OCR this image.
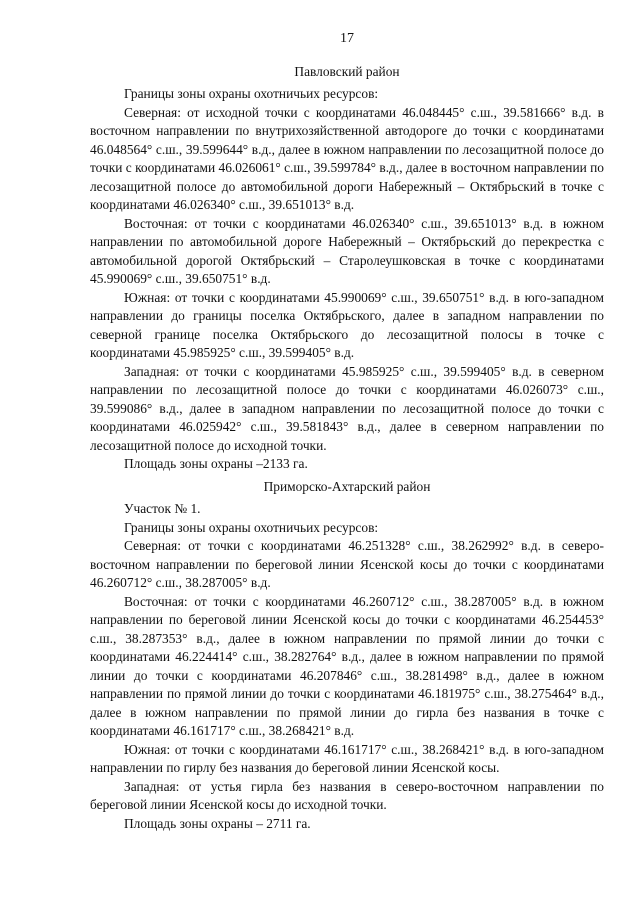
17
Павловский район

Границы зоны охраны охотничьих ресурсов:

Северная: от исходной точки с координатами 46.048445° с.ш., 39.581666° в.д. в восточном направлении по внутрихозяйственной автодороге до точки с координатами 46.048564° с.ш., 39.599644° в.д., далее в южном направлении по лесозащитной полосе до точки с координатами 46.026061° с.ш., 39.599784° в.д., далее в восточном направлении по лесозащитной полосе до автомобильной дороги Набережный – Октябрьский в точке с координатами 46.026340° с.ш., 39.651013° в.д.

Восточная: от точки с координатами 46.026340° с.ш., 39.651013° в.д. в южном направлении по автомобильной дороге Набережный – Октябрьский до перекрестка с автомобильной дорогой Октябрьский – Старолеушковская в точке с координатами 45.990069° с.ш., 39.650751° в.д.

Южная: от точки с координатами 45.990069° с.ш., 39.650751° в.д. в юго-западном направлении до границы поселка Октябрьского, далее в западном направлении по северной границе поселка Октябрьского до лесозащитной полосы в точке с координатами 45.985925° с.ш., 39.599405° в.д.

Западная: от точки с координатами 45.985925° с.ш., 39.599405° в.д. в северном направлении по лесозащитной полосе до точки с координатами 46.026073° с.ш., 39.599086° в.д., далее в западном направлении по лесозащитной полосе до точки с координатами 46.025942° с.ш., 39.581843° в.д., далее в северном направлении по лесозащитной полосе до исходной точки.

Площадь зоны охраны –2133 га.

Приморско-Ахтарский район

Участок № 1.

Границы зоны охраны охотничьих ресурсов:

Северная: от точки с координатами 46.251328° с.ш., 38.262992° в.д. в северо-восточном направлении по береговой линии Ясенской косы до точки с координатами 46.260712° с.ш., 38.287005° в.д.

Восточная: от точки с координатами 46.260712° с.ш., 38.287005° в.д. в южном направлении по береговой линии Ясенской косы до точки с координатами 46.254453° с.ш., 38.287353° в.д., далее в южном направлении по прямой линии до точки с координатами 46.224414° с.ш., 38.282764° в.д., далее в южном направлении по прямой линии до точки с координатами 46.207846° с.ш., 38.281498° в.д., далее в южном направлении по прямой линии до точки с координатами 46.181975° с.ш., 38.275464° в.д., далее в южном направлении по прямой линии до гирла без названия в точке с координатами 46.161717° с.ш., 38.268421° в.д.

Южная: от точки с координатами 46.161717° с.ш., 38.268421° в.д. в юго-западном направлении по гирлу без названия до береговой линии Ясенской косы.

Западная: от устья гирла без названия в северо-восточном направлении по береговой линии Ясенской косы до исходной точки.

Площадь зоны охраны – 2711 га.
